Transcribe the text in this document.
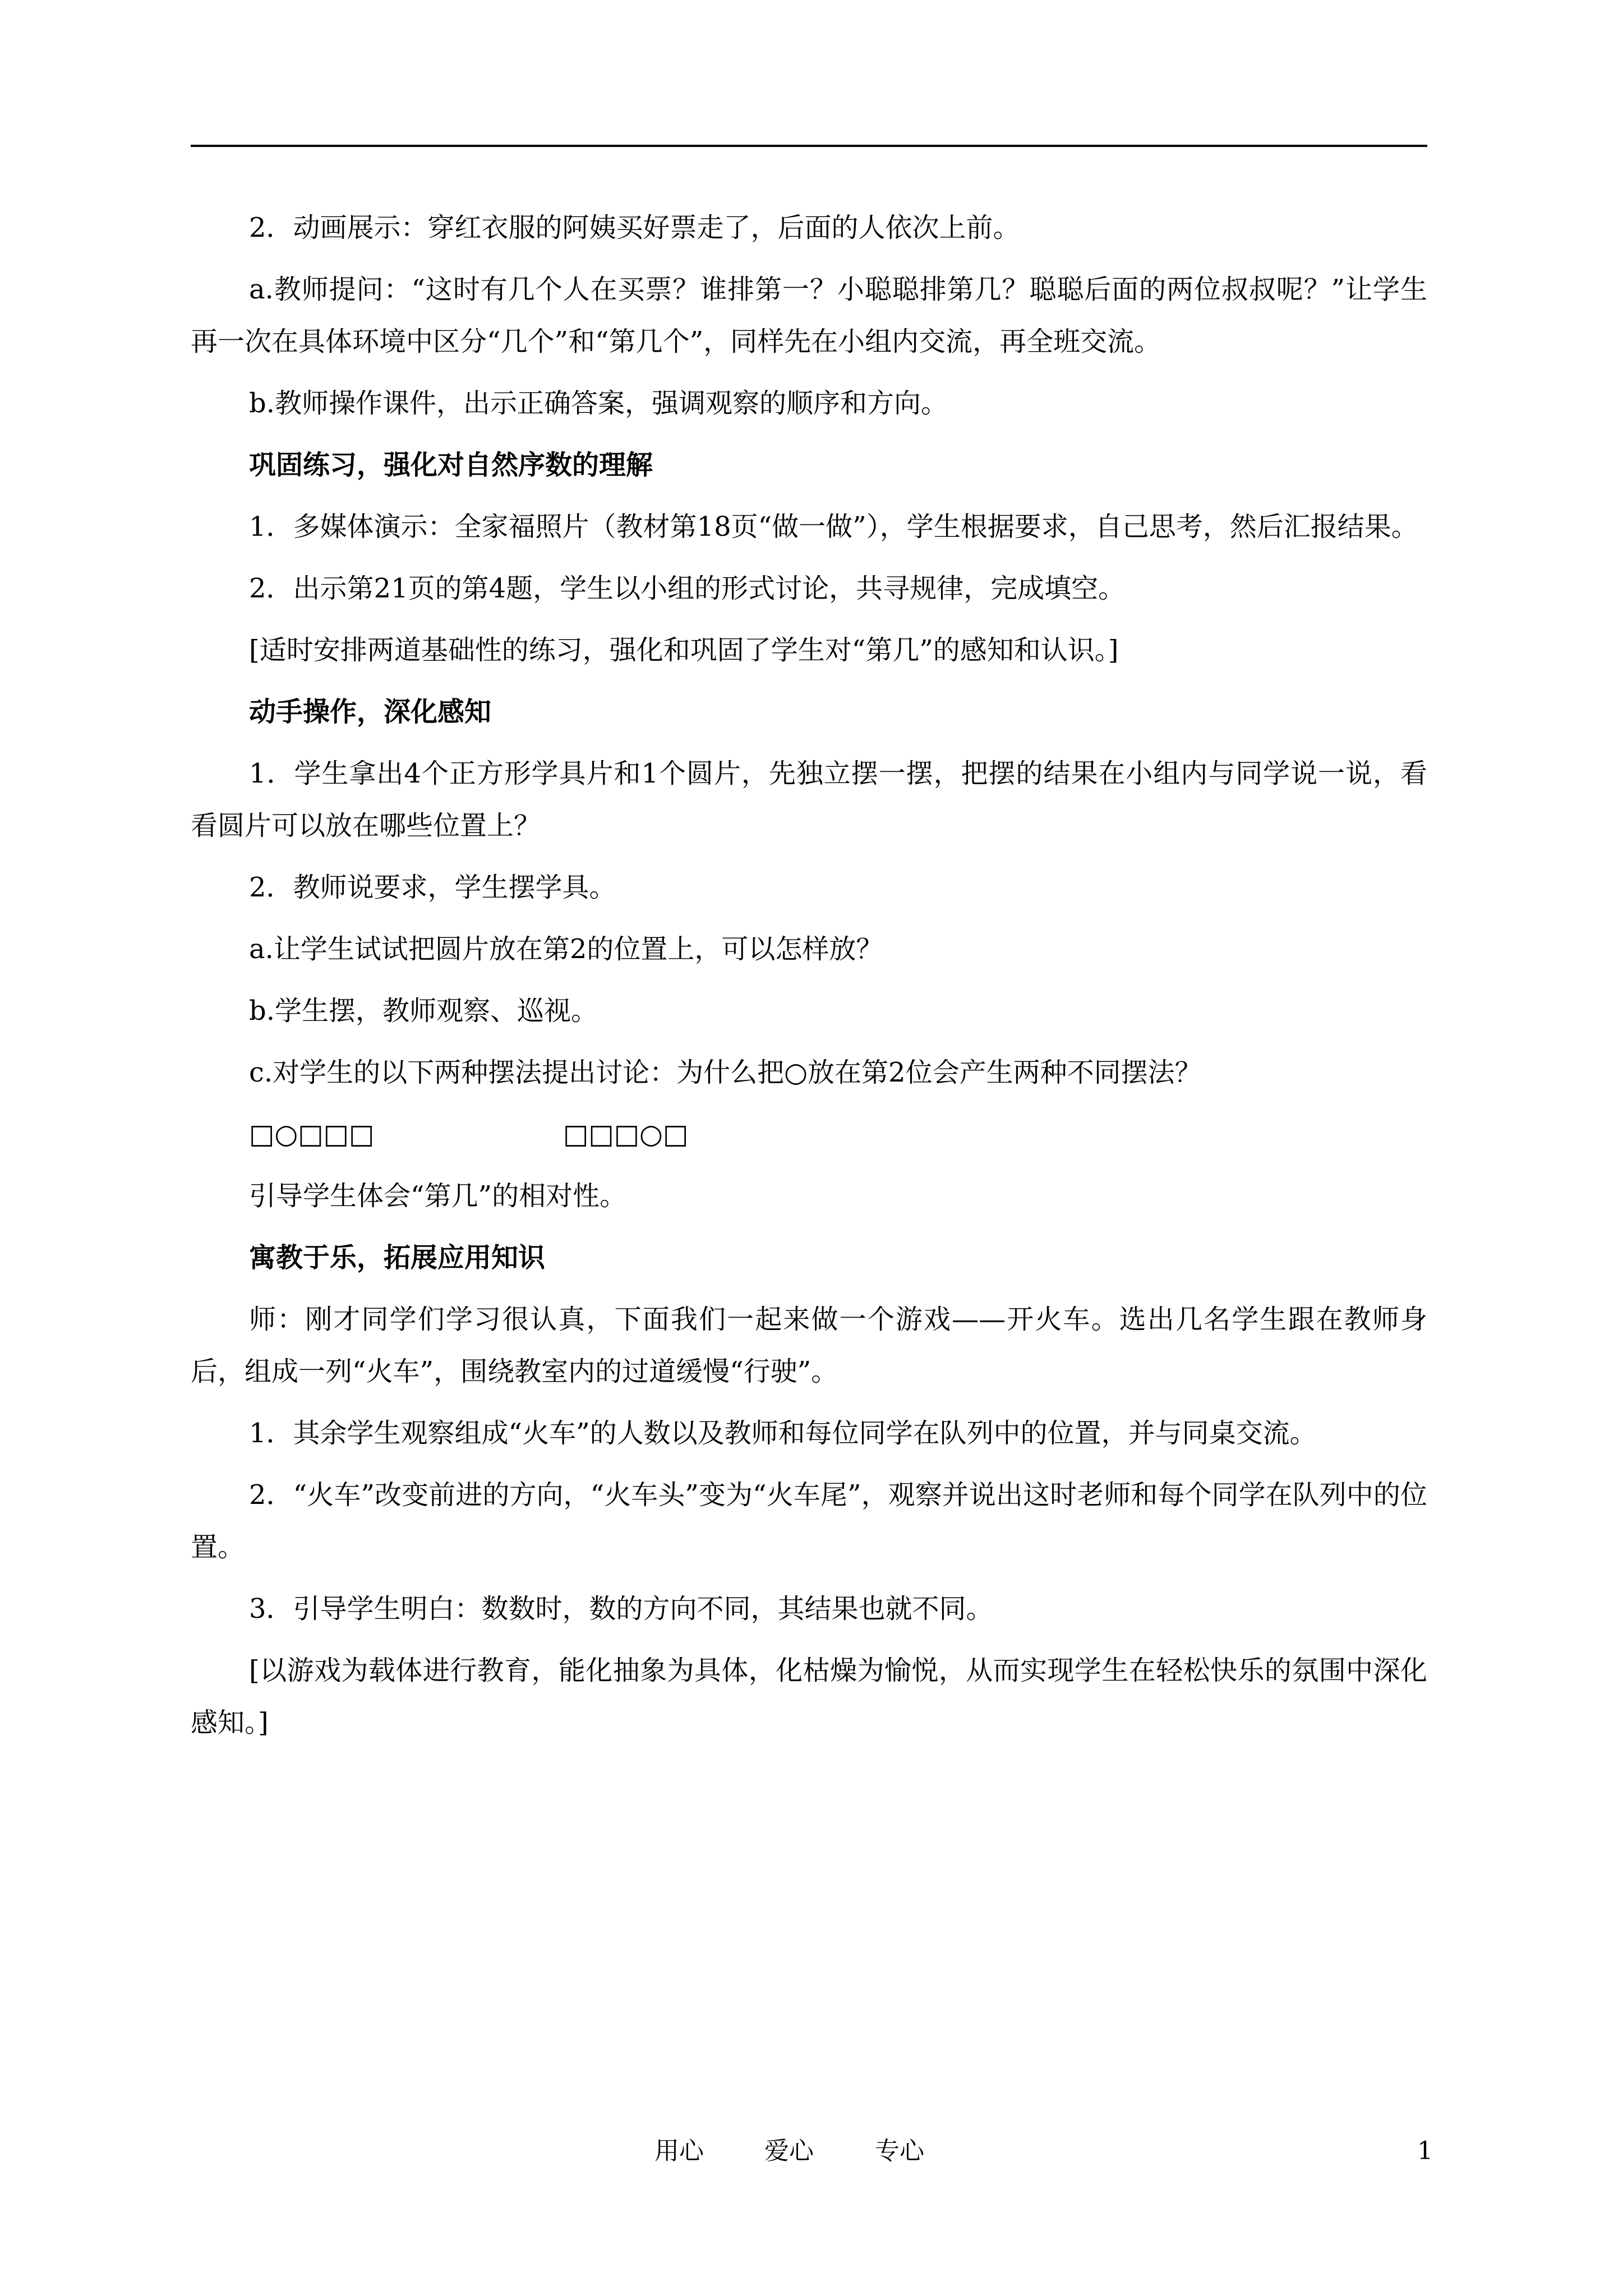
2．动画展示：穿红衣服的阿姨买好票走了，后面的人依次上前。

a.教师提问：“这时有几个人在买票？谁排第一？小聪聪排第几？聪聪后面的两位叔叔呢？”让学生再一次在具体环境中区分“几个”和“第几个”，同样先在小组内交流，再全班交流。

b.教师操作课件，出示正确答案，强调观察的顺序和方向。

巩固练习，强化对自然序数的理解

1．多媒体演示：全家福照片（教材第18页“做一做”），学生根据要求，自己思考，然后汇报结果。

2．出示第21页的第4题，学生以小组的形式讨论，共寻规律，完成填空。

[适时安排两道基础性的练习，强化和巩固了学生对“第几”的感知和认识。]

动手操作，深化感知

1．学生拿出4个正方形学具片和1个圆片，先独立摆一摆，把摆的结果在小组内与同学说一说，看看圆片可以放在哪些位置上？

2．教师说要求，学生摆学具。

a.让学生试试把圆片放在第2的位置上，可以怎样放？

b.学生摆，教师观察、巡视。

c.对学生的以下两种摆法提出讨论：为什么把○放在第2位会产生两种不同摆法？

□○□□□	□□□○□

引导学生体会“第几”的相对性。

寓教于乐，拓展应用知识

师：刚才同学们学习很认真，下面我们一起来做一个游戏——开火车。选出几名学生跟在教师身后，组成一列“火车”，围绕教室内的过道缓慢“行驶”。

1．其余学生观察组成“火车”的人数以及教师和每位同学在队列中的位置，并与同桌交流。

2．“火车”改变前进的方向，“火车头”变为“火车尾”，观察并说出这时老师和每个同学在队列中的位置。

3．引导学生明白：数数时，数的方向不同，其结果也就不同。

[以游戏为载体进行教育，能化抽象为具体，化枯燥为愉悦，从而实现学生在轻松快乐的氛围中深化感知。]

用心 爱心 专心	1
